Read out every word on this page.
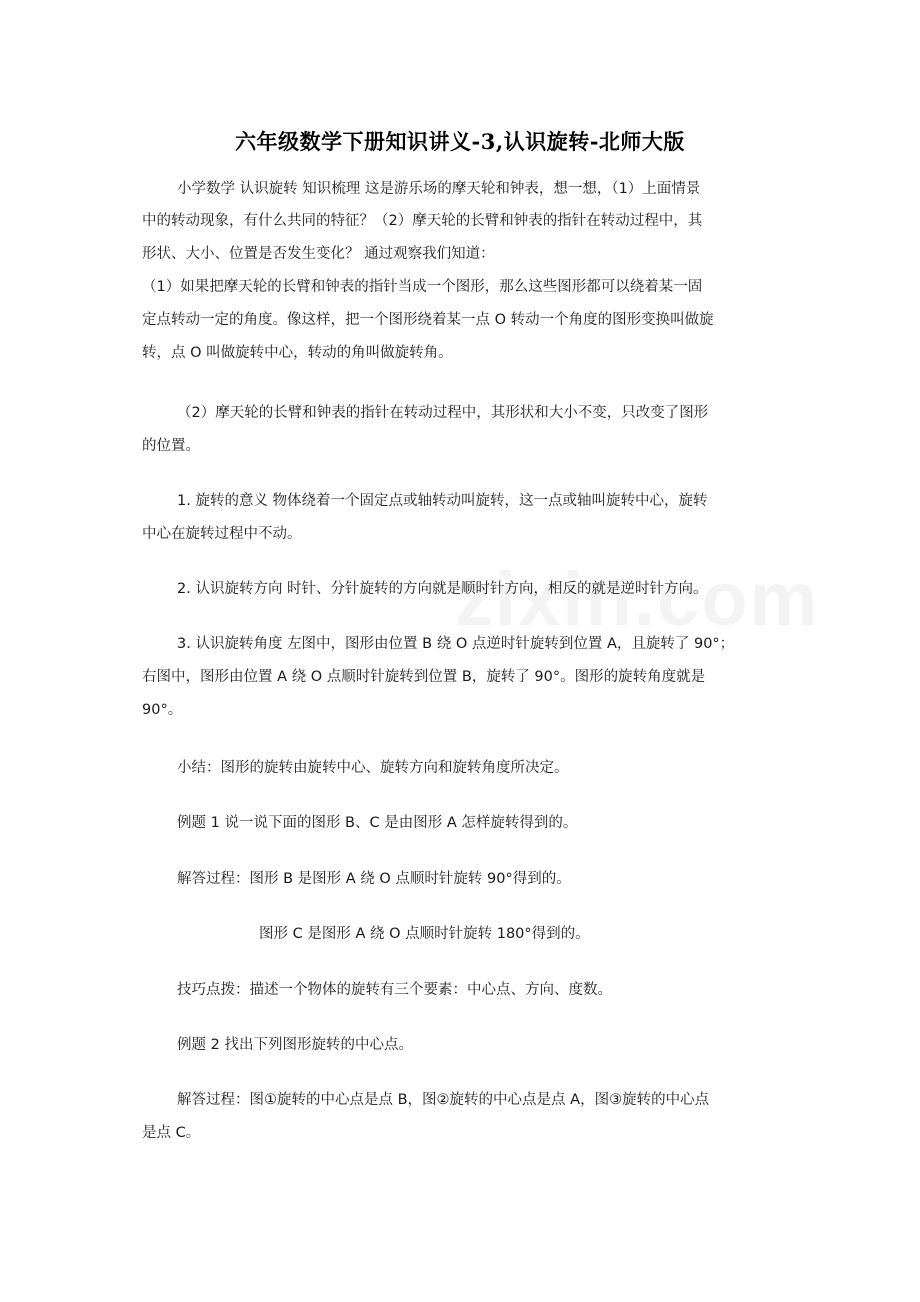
六年级数学下册知识讲义-3,认识旋转-北师大版
小学数学 认识旋转 知识梳理 这是游乐场的摩天轮和钟表，想一想，（1）上面情景
中的转动现象，有什么共同的特征？（2）摩天轮的长臂和钟表的指针在转动过程中，其
形状、大小、位置是否发生变化？ 通过观察我们知道：
（1）如果把摩天轮的长臂和钟表的指针当成一个图形，那么这些图形都可以绕着某一固
定点转动一定的角度。像这样，把一个图形绕着某一点 O 转动一个角度的图形变换叫做旋
转，点 O 叫做旋转中心，转动的角叫做旋转角。
（2）摩天轮的长臂和钟表的指针在转动过程中，其形状和大小不变，只改变了图形
的位置。
1. 旋转的意义 物体绕着一个固定点或轴转动叫旋转，这一点或轴叫旋转中心，旋转
中心在旋转过程中不动。
2. 认识旋转方向 时针、分针旋转的方向就是顺时针方向，相反的就是逆时针方向。
3. 认识旋转角度 左图中，图形由位置 B 绕 O 点逆时针旋转到位置 A，且旋转了 90°；
右图中，图形由位置 A 绕 O 点顺时针旋转到位置 B，旋转了 90°。图形的旋转角度就是
90°。
小结：图形的旋转由旋转中心、旋转方向和旋转角度所决定。
例题 1 说一说下面的图形 B、C 是由图形 A 怎样旋转得到的。
解答过程：图形 B 是图形 A 绕 O 点顺时针旋转 90°得到的。
图形 C 是图形 A 绕 O 点顺时针旋转 180°得到的。
技巧点拨：描述一个物体的旋转有三个要素：中心点、方向、度数。
例题 2 找出下列图形旋转的中心点。
解答过程：图①旋转的中心点是点 B，图②旋转的中心点是点 A，图③旋转的中心点
是点 C。
